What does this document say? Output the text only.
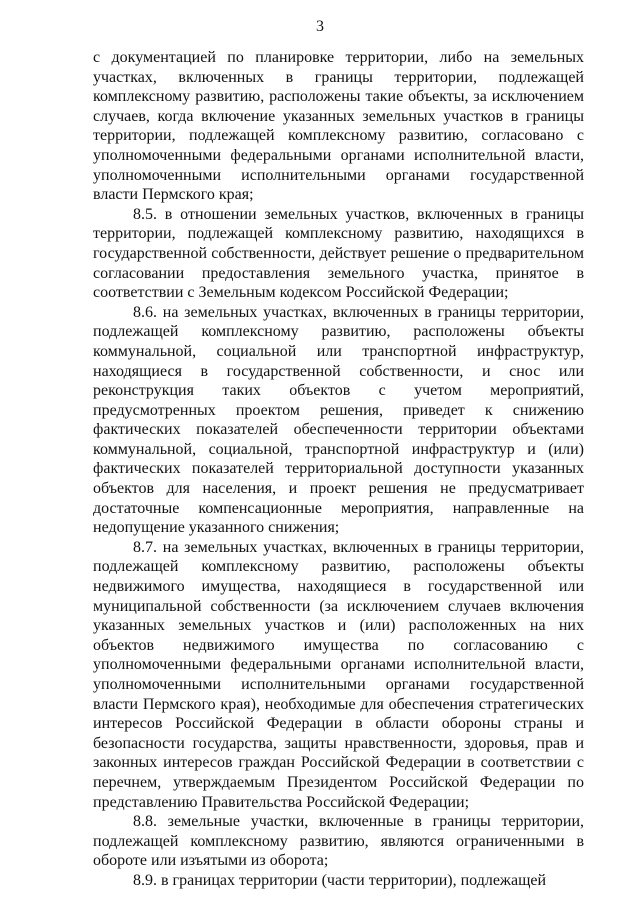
3

с документацией по планировке территории, либо на земельных участках, включенных в границы территории, подлежащей комплексному развитию, расположены такие объекты, за исключением случаев, когда включение указанных земельных участков в границы территории, подлежащей комплексному развитию, согласовано с уполномоченными федеральными органами исполнительной власти, уполномоченными исполнительными органами государственной власти Пермского края;

8.5. в отношении земельных участков, включенных в границы территории, подлежащей комплексному развитию, находящихся в государственной собственности, действует решение о предварительном согласовании предоставления земельного участка, принятое в соответствии с Земельным кодексом Российской Федерации;

8.6. на земельных участках, включенных в границы территории, подлежащей комплексному развитию, расположены объекты коммунальной, социальной или транспортной инфраструктур, находящиеся в государственной собственности, и снос или реконструкция таких объектов с учетом мероприятий, предусмотренных проектом решения, приведет к снижению фактических показателей обеспеченности территории объектами коммунальной, социальной, транспортной инфраструктур и (или) фактических показателей территориальной доступности указанных объектов для населения, и проект решения не предусматривает достаточные компенсационные мероприятия, направленные на недопущение указанного снижения;

8.7. на земельных участках, включенных в границы территории, подлежащей комплексному развитию, расположены объекты недвижимого имущества, находящиеся в государственной или муниципальной собственности (за исключением случаев включения указанных земельных участков и (или) расположенных на них объектов недвижимого имущества по согласованию с уполномоченными федеральными органами исполнительной власти, уполномоченными исполнительными органами государственной власти Пермского края), необходимые для обеспечения стратегических интересов Российской Федерации в области обороны страны и безопасности государства, защиты нравственности, здоровья, прав и законных интересов граждан Российской Федерации в соответствии с перечнем, утверждаемым Президентом Российской Федерации по представлению Правительства Российской Федерации;

8.8. земельные участки, включенные в границы территории, подлежащей комплексному развитию, являются ограниченными в обороте или изъятыми из оборота;

8.9. в границах территории (части территории), подлежащей
